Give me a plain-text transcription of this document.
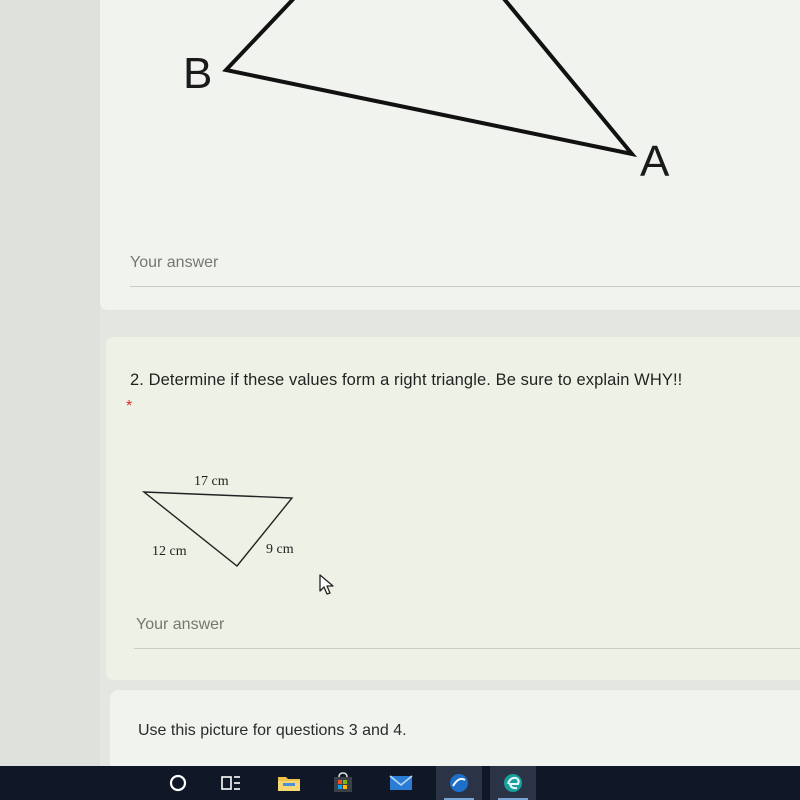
B
A
Your answer
2. Determine if these values form a right triangle. Be sure to explain WHY!!
*
17 cm
12 cm	9 cm
Your answer
Use this picture for questions 3 and 4.
